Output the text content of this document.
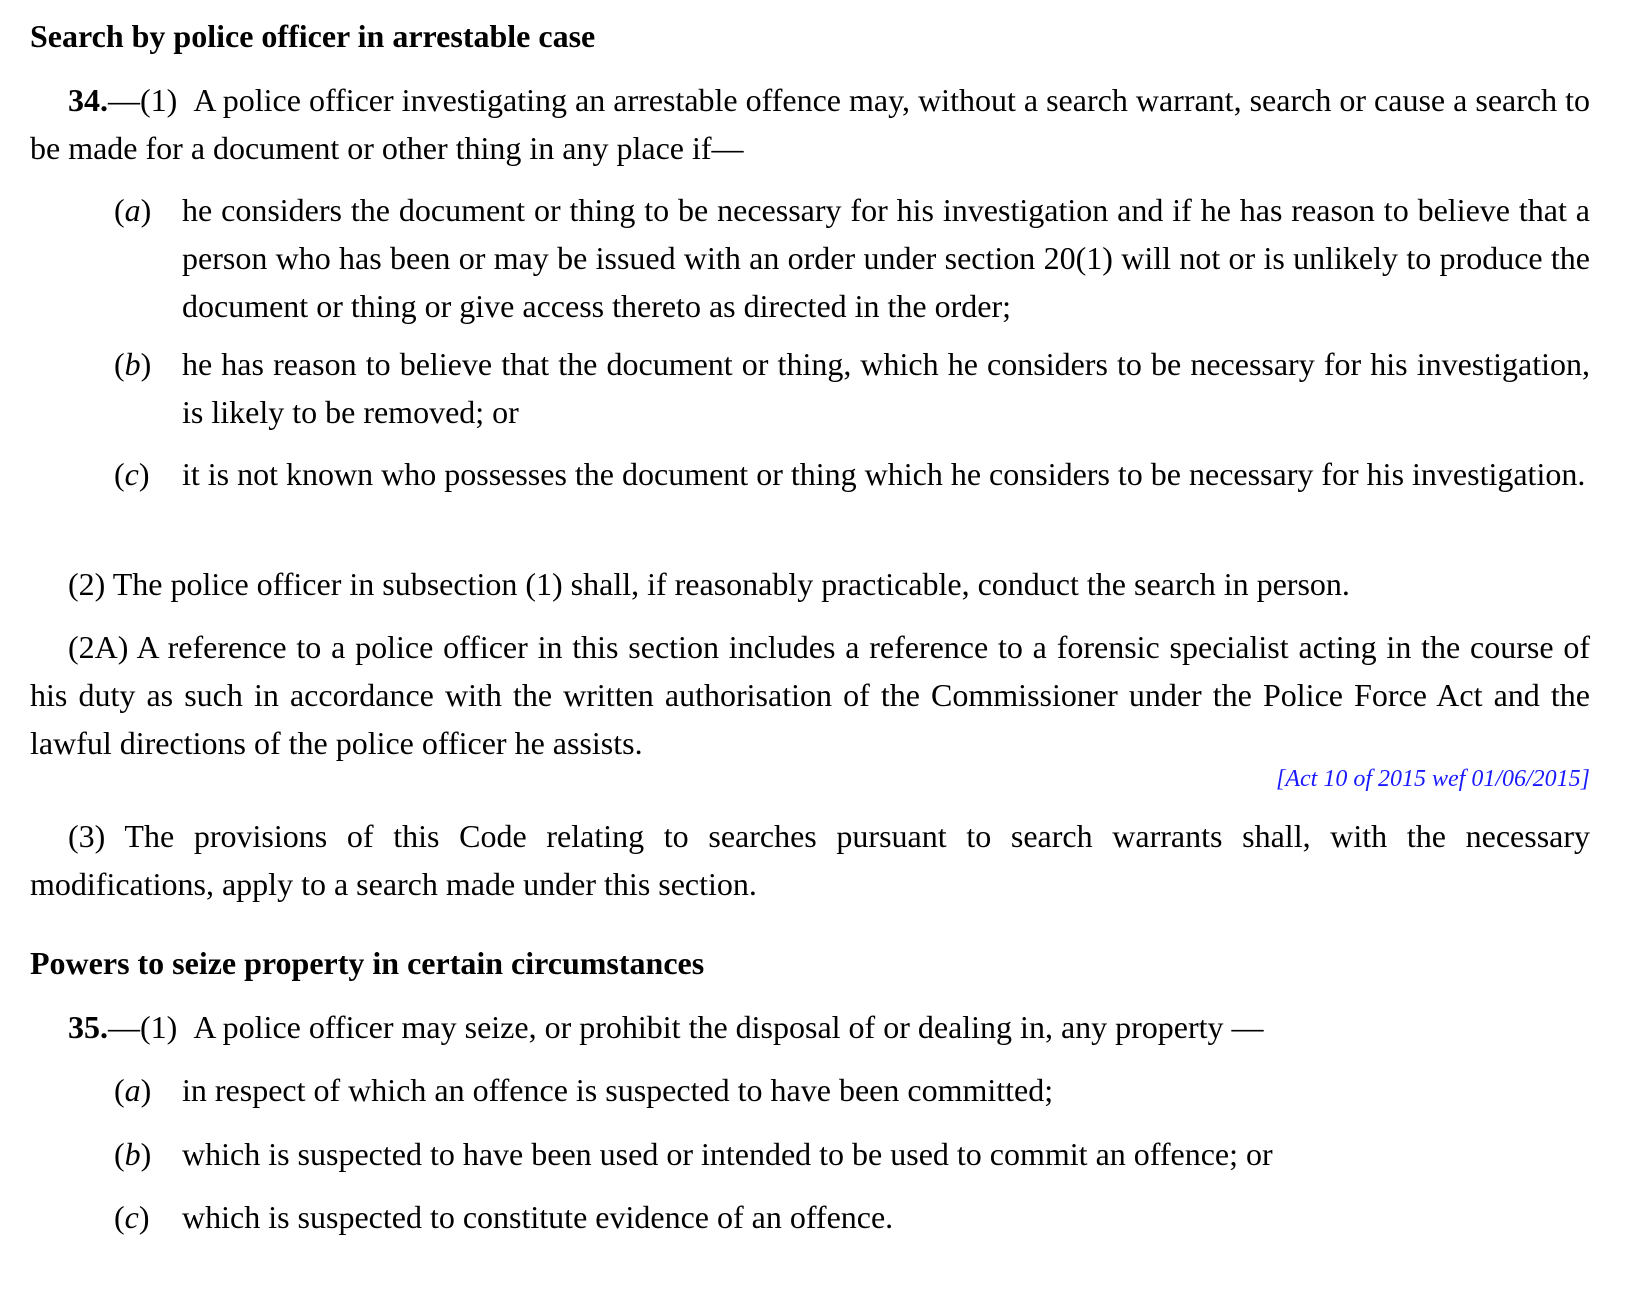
Search by police officer in arrestable case
34.—(1) A police officer investigating an arrestable offence may, without a search warrant, search or cause a search to be made for a document or other thing in any place if—
(a) he considers the document or thing to be necessary for his investigation and if he has reason to believe that a person who has been or may be issued with an order under section 20(1) will not or is unlikely to produce the document or thing or give access thereto as directed in the order;
(b) he has reason to believe that the document or thing, which he considers to be necessary for his investigation, is likely to be removed; or
(c)	it is not known who possesses the document or thing which he considers to be necessary for his investigation.
(2) The police officer in subsection (1) shall, if reasonably practicable, conduct the search in person.
(2A) A reference to a police officer in this section includes a reference to a forensic specialist acting in the course of his duty as such in accordance with the written authorisation of the Commissioner under the Police Force Act and the lawful directions of the police officer he assists.
[Act 10 of 2015 wef 01/06/2015]
(3) The provisions of this Code relating to searches pursuant to search warrants shall, with the necessary modifications, apply to a search made under this section.
Powers to seize property in certain circumstances
35.—(1) A police officer may seize, or prohibit the disposal of or dealing in, any property —
(a) in respect of which an offence is suspected to have been committed;
(b) which is suspected to have been used or intended to be used to commit an offence; or
(c)	which is suspected to constitute evidence of an offence.
